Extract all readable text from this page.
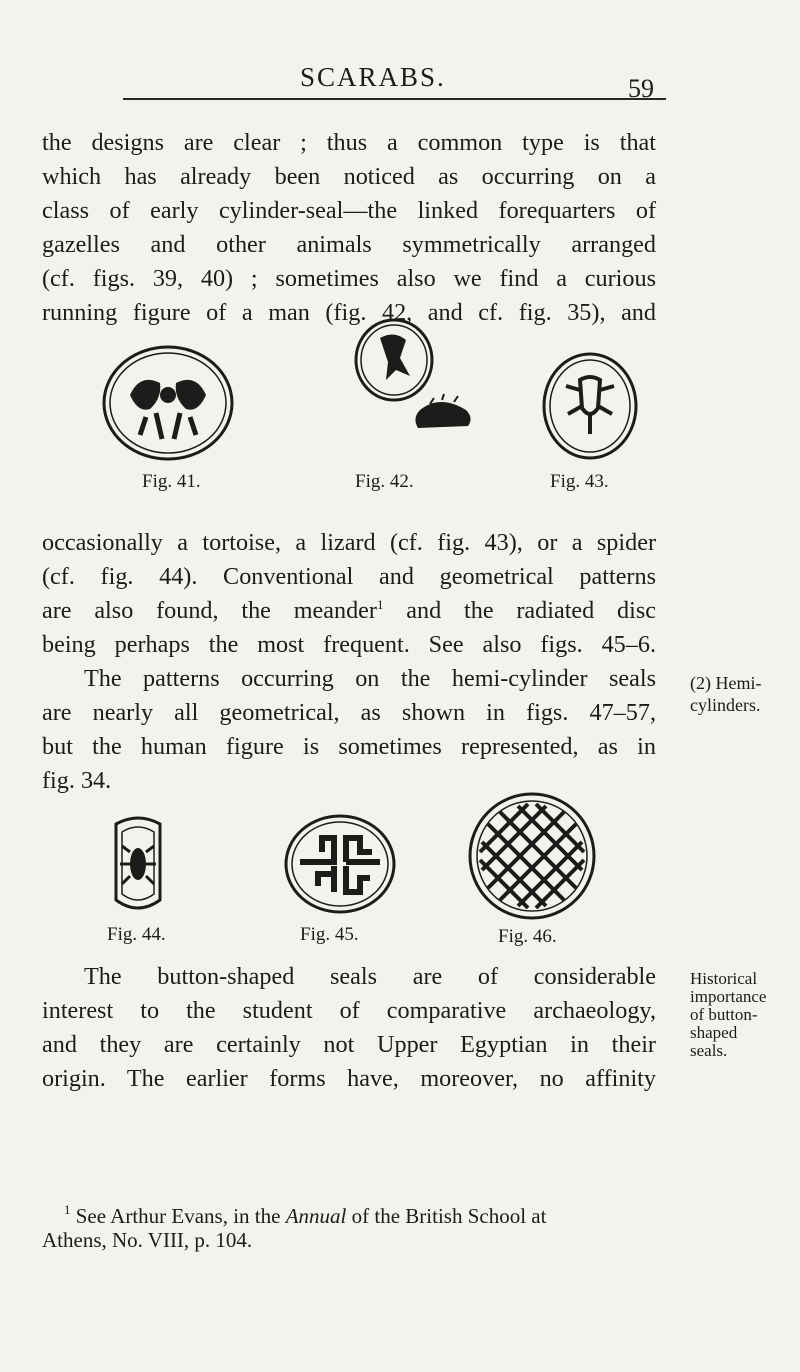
SCARABS.	59

the designs are clear ; thus a common type is that
which has already been noticed as occurring on a
class of early cylinder-seal—the linked forequarters of
gazelles and other animals symmetrically arranged
(cf. figs. 39, 40) ; sometimes also we find a curious
running figure of a man (fig. 42, and cf. fig. 35), and

Fig. 41.	Fig. 42.	Fig. 43.

occasionally a tortoise, a lizard (cf. fig. 43), or a spider
(cf. fig. 44). Conventional and geometrical patterns
are also found, the meander$^1$ and the radiated disc
being perhaps the most frequent. See also figs. 45–6.

The patterns occurring on the hemi-cylinder seals

are nearly all geometrical, as shown in figs. 47–57,
but the human figure is sometimes represented, as in
fig. 34.

(2) Hemi-
cylinders.
Fig. 44.	Fig. 45.	Fig. 46.

The button-shaped seals are of considerable

interest to the student of comparative archaeology,
and they are certainly not Upper Egyptian in their
origin. The earlier forms have, moreover, no affinity

Historical
importance
of button-
shaped
seals.
$^1$ See Arthur Evans, in the Annual of the British School at
Athens, No. VIII, p. 104.
